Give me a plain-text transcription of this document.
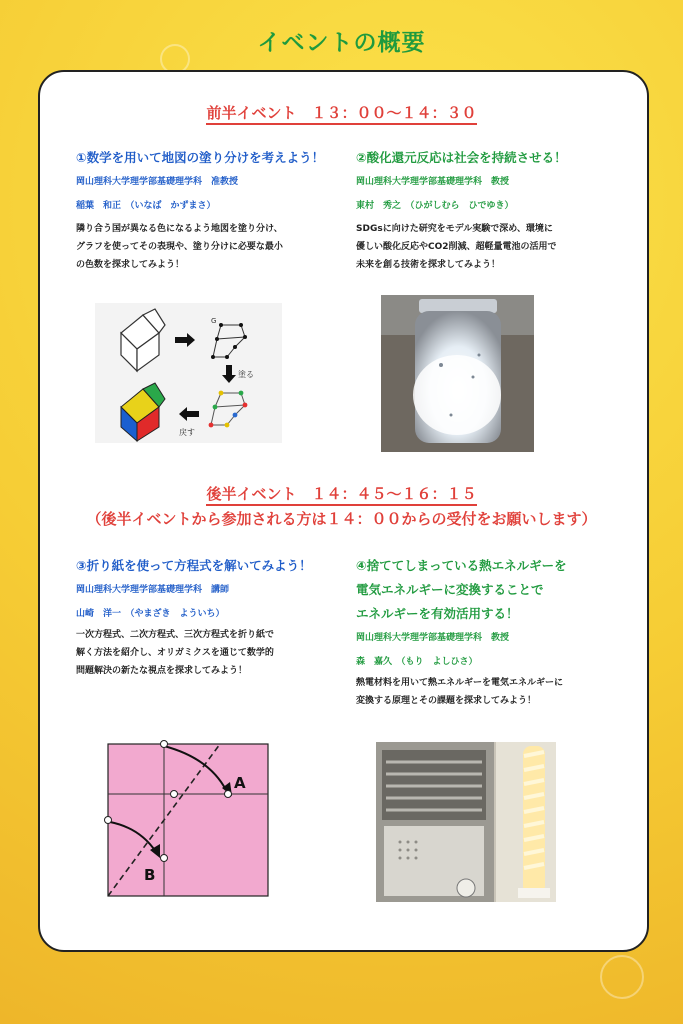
イベントの概要
前半イベント　１３：００〜１４：３０
①数学を用いて地図の塗り分けを考えよう！
岡山理科大学理学部基礎理学科　准教授
稲葉　和正　（いなば　かずまさ）
隣り合う国が異なる色になるよう地図を塗り分け、
グラフを使ってその表現や、塗り分けに必要な最小
の色数を探求してみよう！
②酸化還元反応は社会を持続させる！
岡山理科大学理学部基礎理学科　教授
東村　秀之　（ひがしむら　ひでゆき）
SDGsに向けた研究をモデル実験で深め、環境に
優しい酸化反応やCO2削減、超軽量電池の活用で
未来を創る技術を探求してみよう！
G
塗る
戻す
後半イベント　１４：４５〜１６：１５
（後半イベントから参加される方は１４：００からの受付をお願いします）
③折り紙を使って方程式を解いてみよう！
岡山理科大学理学部基礎理学科　講師
山崎　洋一　（やまざき　よういち）
一次方程式、二次方程式、三次方程式を折り紙で
解く方法を紹介し、オリガミクスを通じて数学的
問題解決の新たな視点を探求してみよう！
④捨ててしまっている熱エネルギーを
電気エネルギーに変換することで
エネルギーを有効活用する！
岡山理科大学理学部基礎理学科　教授
森　嘉久　（もり　よしひさ）
熱電材料を用いて熱エネルギーを電気エネルギーに
変換する原理とその課題を探求してみよう！
A
B
